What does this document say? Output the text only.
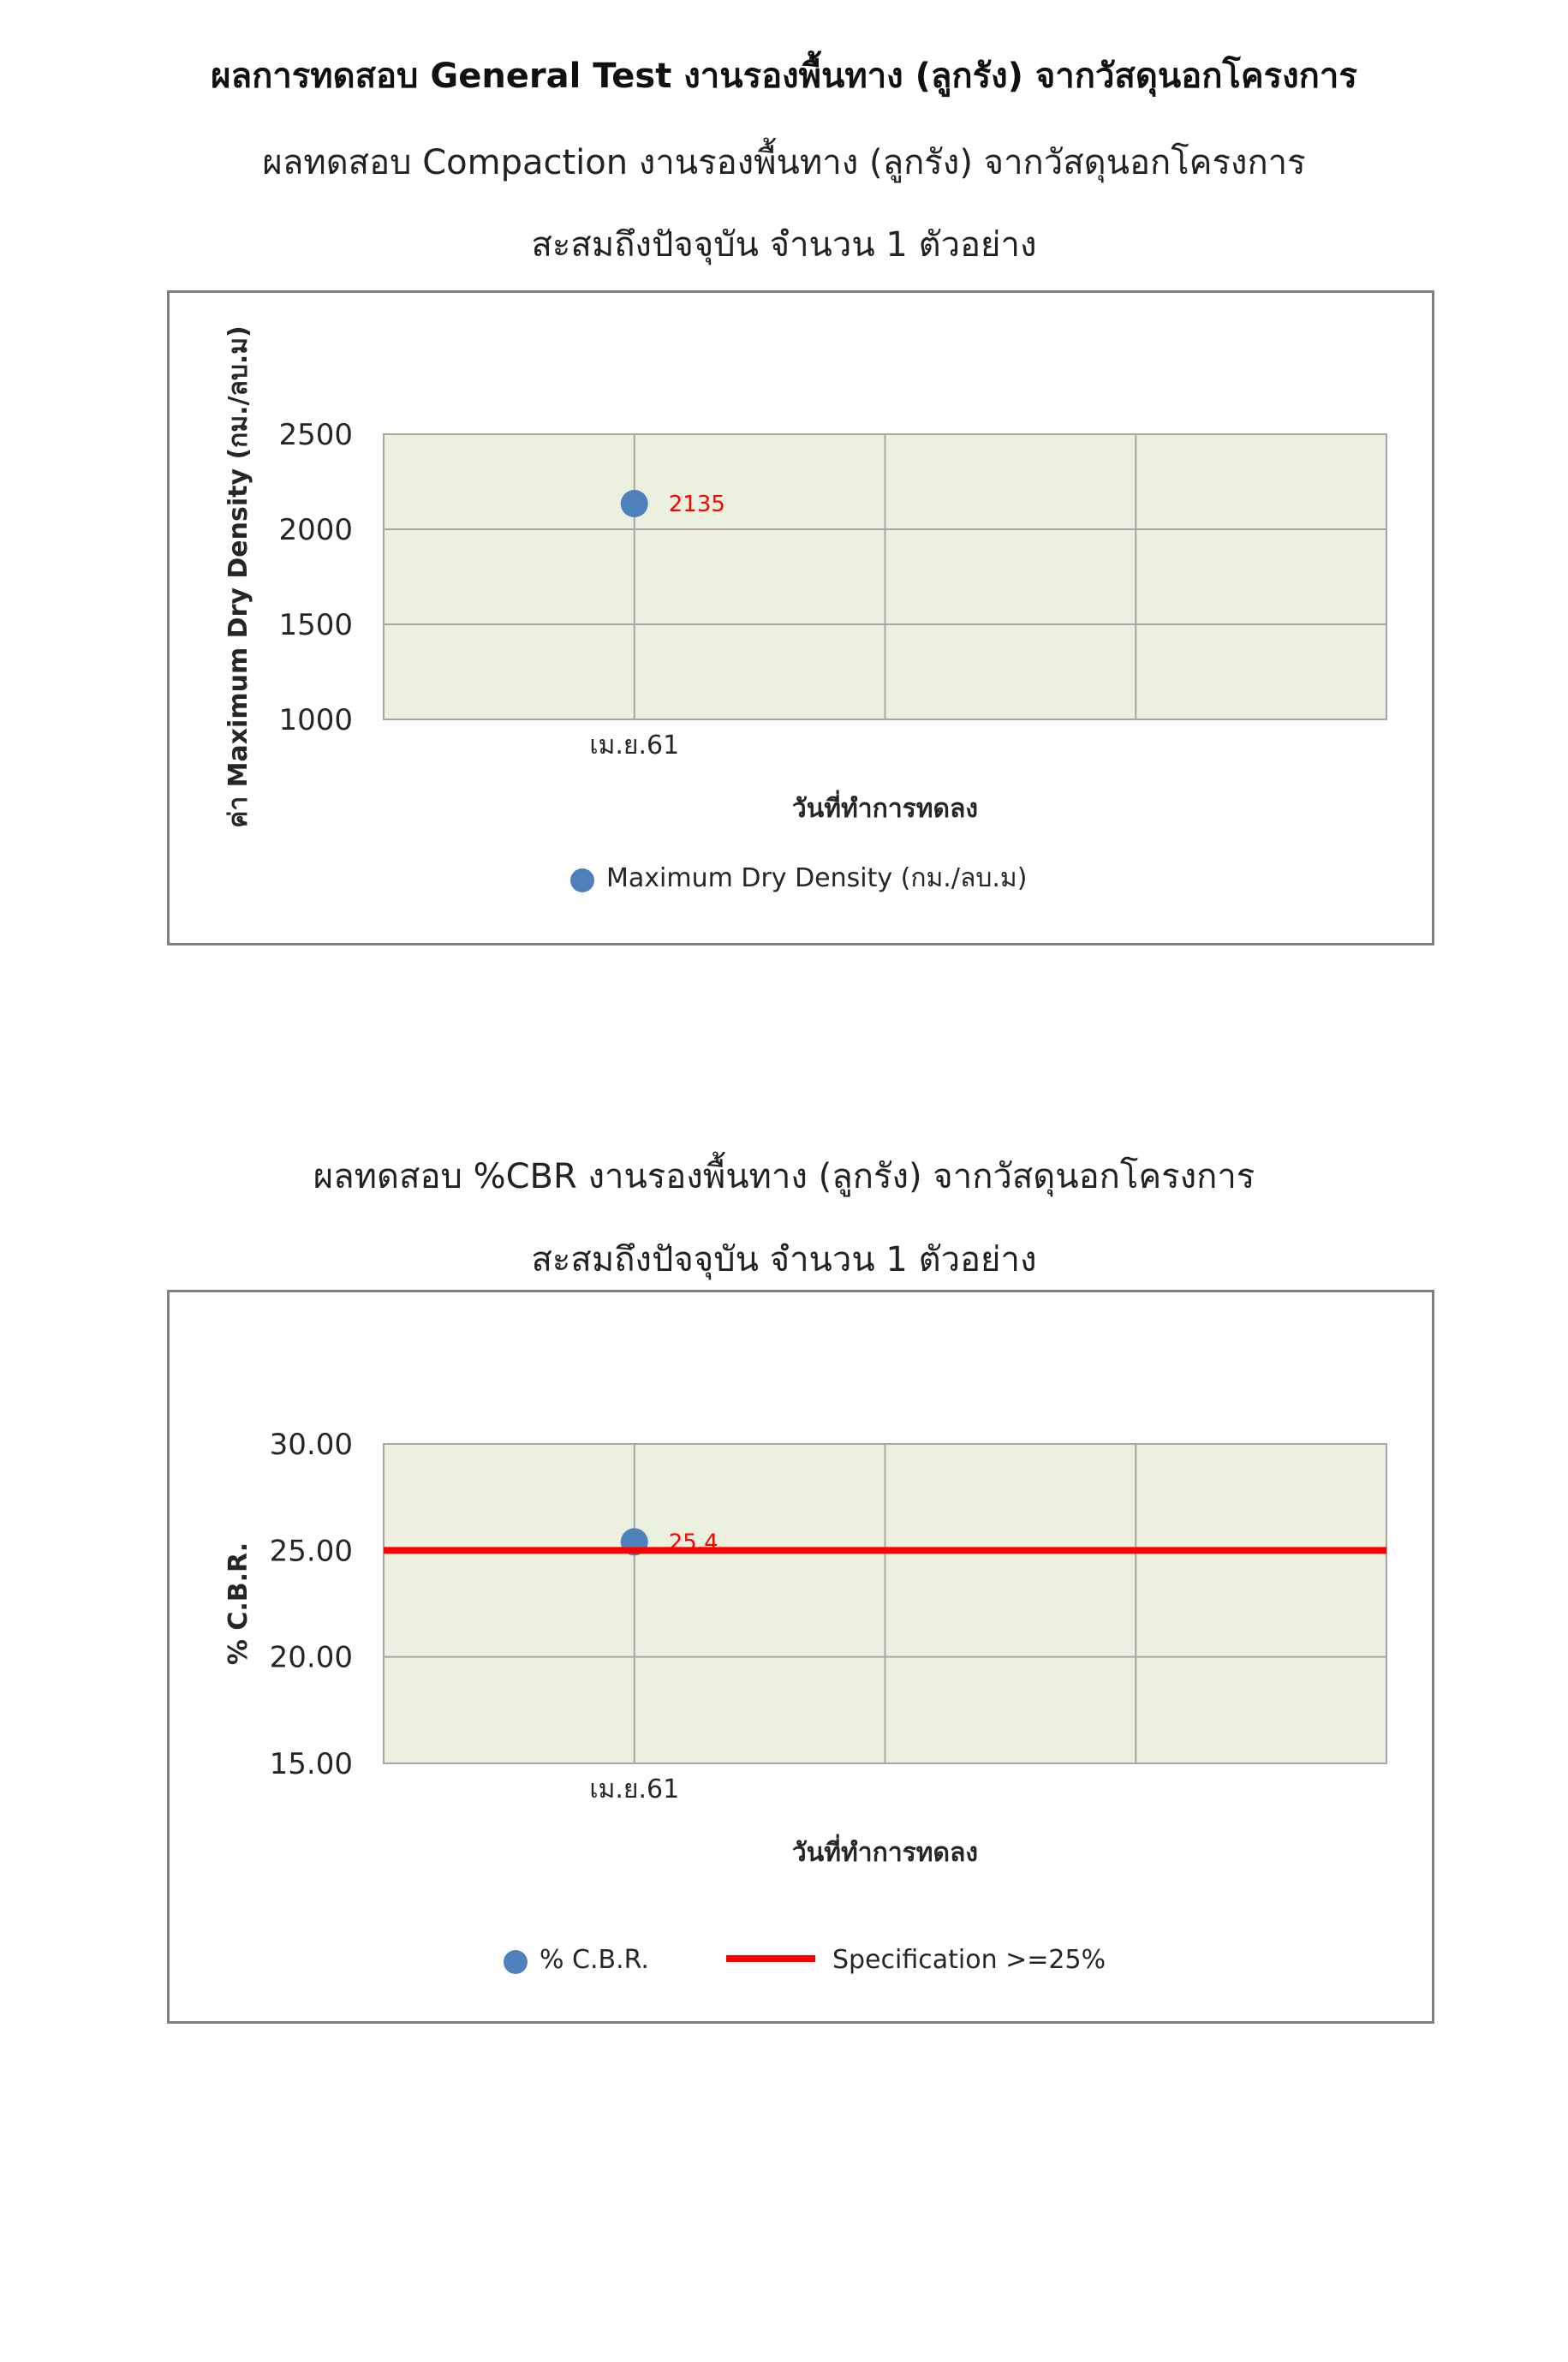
ผลการทดสอบ General Test งานรองพื้นทาง (ลูกรัง) จากวัสดุนอกโครงการ
ผลทดสอบ Compaction งานรองพื้นทาง (ลูกรัง) จากวัสดุนอกโครงการ
สะสมถึงปัจจุบัน จำนวน 1 ตัวอย่าง
1000
1500
2000
2500
เม.ย.61
วันที่ทำการทดลง
ค่า Maximum Dry Density (กม./ลบ.ม)	2135
Maximum Dry Density (กม./ลบ.ม)
ผลทดสอบ %CBR งานรองพื้นทาง (ลูกรัง) จากวัสดุนอกโครงการ
สะสมถึงปัจจุบัน จำนวน 1 ตัวอย่าง
15.00
20.00
25.00
30.00
เม.ย.61
วันที่ทำการทดลง
% C.B.R.	25.4
% C.B.R.	Specification >=25%
